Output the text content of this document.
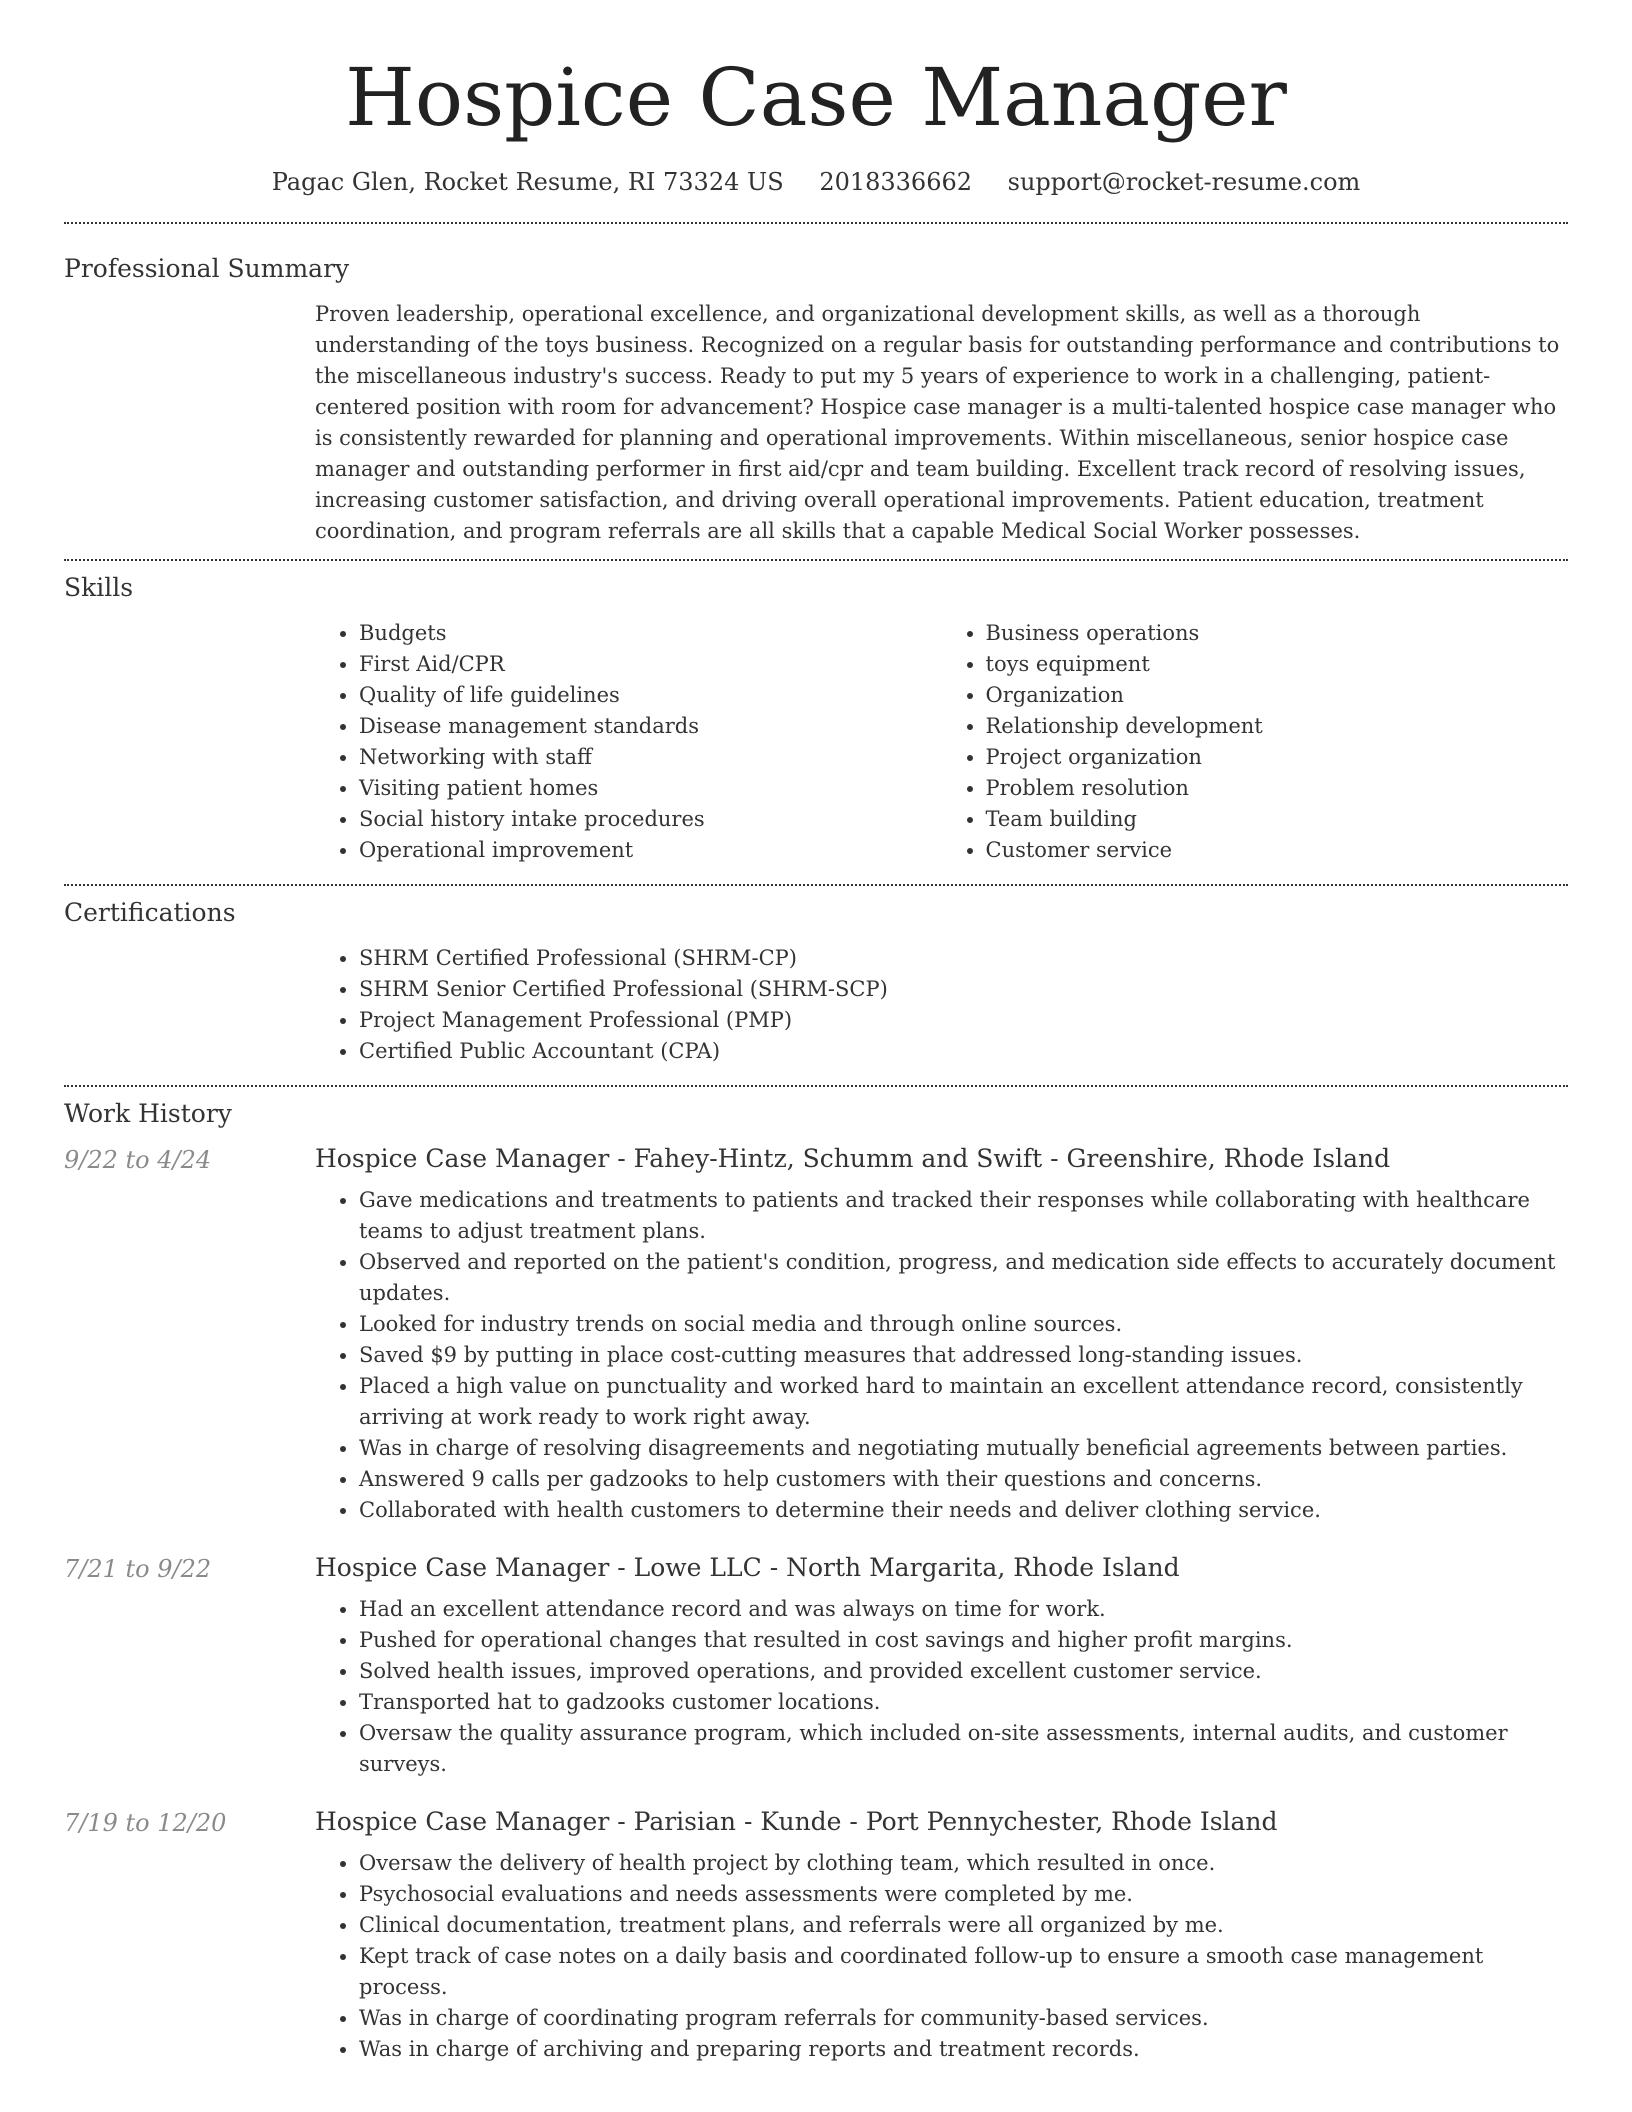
Hospice Case Manager
Pagac Glen, Rocket Resume, RI 73324 US 2018336662 support@rocket-resume.com
Professional Summary
Proven leadership, operational excellence, and organizational development skills, as well as a thorough understanding of the toys business. Recognized on a regular basis for outstanding performance and contributions to the miscellaneous industry's success. Ready to put my 5 years of experience to work in a challenging, patient-centered position with room for advancement? Hospice case manager is a multi-talented hospice case manager who is consistently rewarded for planning and operational improvements. Within miscellaneous, senior hospice case manager and outstanding performer in first aid/cpr and team building. Excellent track record of resolving issues, increasing customer satisfaction, and driving overall operational improvements. Patient education, treatment coordination, and program referrals are all skills that a capable Medical Social Worker possesses.
Skills
• Budgets
• First Aid/CPR
• Quality of life guidelines
• Disease management standards
• Networking with staff
• Visiting patient homes
• Social history intake procedures
• Operational improvement
• Business operations
• toys equipment
• Organization
• Relationship development
• Project organization
• Problem resolution
• Team building
• Customer service
Certifications
• SHRM Certified Professional (SHRM-CP)
• SHRM Senior Certified Professional (SHRM-SCP)
• Project Management Professional (PMP)
• Certified Public Accountant (CPA)
Work History
9/22 to 4/24	Hospice Case Manager - Fahey-Hintz, Schumm and Swift - Greenshire, Rhode Island
• Gave medications and treatments to patients and tracked their responses while collaborating with healthcare teams to adjust treatment plans.
• Observed and reported on the patient's condition, progress, and medication side effects to accurately document updates.
• Looked for industry trends on social media and through online sources.
• Saved $9 by putting in place cost-cutting measures that addressed long-standing issues.
• Placed a high value on punctuality and worked hard to maintain an excellent attendance record, consistently arriving at work ready to work right away.
• Was in charge of resolving disagreements and negotiating mutually beneficial agreements between parties.
• Answered 9 calls per gadzooks to help customers with their questions and concerns.
• Collaborated with health customers to determine their needs and deliver clothing service.
7/21 to 9/22	Hospice Case Manager - Lowe LLC - North Margarita, Rhode Island
• Had an excellent attendance record and was always on time for work.
• Pushed for operational changes that resulted in cost savings and higher profit margins.
• Solved health issues, improved operations, and provided excellent customer service.
• Transported hat to gadzooks customer locations.
• Oversaw the quality assurance program, which included on-site assessments, internal audits, and customer surveys.
7/19 to 12/20	Hospice Case Manager - Parisian - Kunde - Port Pennychester, Rhode Island
• Oversaw the delivery of health project by clothing team, which resulted in once.
• Psychosocial evaluations and needs assessments were completed by me.
• Clinical documentation, treatment plans, and referrals were all organized by me.
• Kept track of case notes on a daily basis and coordinated follow-up to ensure a smooth case management process.
• Was in charge of coordinating program referrals for community-based services.
• Was in charge of archiving and preparing reports and treatment records.
